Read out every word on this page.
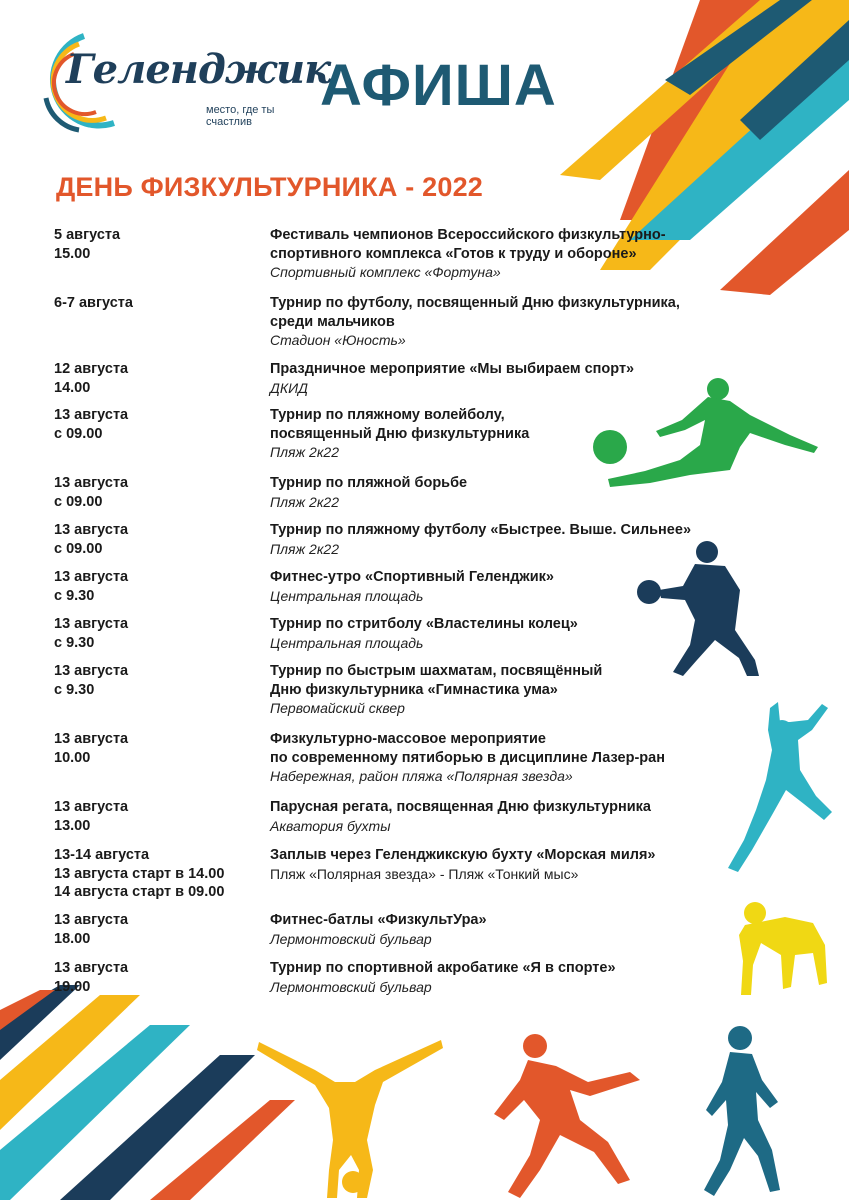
Геленджик
место, где ты счастлив
АФИША
ДЕНЬ ФИЗКУЛЬТУРНИКА - 2022
5 августа
15.00
Фестиваль чемпионов Всероссийского физкультурно-
спортивного комплекса «Готов к труду и обороне»
Спортивный комплекс «Фортуна»
6-7 августа	Турнир по футболу, посвященный Дню физкультурника,
среди мальчиков
Стадион «Юность»
12 августа
14.00
Праздничное мероприятие «Мы выбираем спорт»
ДКИД
13 августа
с 09.00
Турнир по пляжному волейболу,
посвященный Дню физкультурника
Пляж 2к22
13 августа
с 09.00
Турнир по пляжной борьбе
Пляж 2к22
13 августа
с 09.00
Турнир по пляжному футболу «Быстрее. Выше. Сильнее»
Пляж 2к22
13 августа
с 9.30
Фитнес-утро «Спортивный Геленджик»
Центральная площадь
13 августа
с 9.30
Турнир по стритболу «Властелины колец»
Центральная площадь
13 августа
с 9.30
Турнир по быстрым шахматам, посвящённый
Дню физкультурника «Гимнастика ума»
Первомайский сквер
13 августа
10.00
Физкультурно-массовое мероприятие
по современному пятиборью в дисциплине Лазер-ран
Набережная, район пляжа «Полярная звезда»
13 августа
13.00
Парусная регата, посвященная Дню физкультурника
Акватория бухты
13-14 августа
13 августа старт в 14.00
14 августа старт в 09.00
Заплыв через Геленджикскую бухту «Морская миля»
Пляж «Полярная звезда» - Пляж «Тонкий мыс»
13 августа
18.00
Фитнес-батлы «ФизкультУра»
Лермонтовский бульвар
13 августа
19.00
Турнир по спортивной акробатике «Я в спорте»
Лермонтовский бульвар
